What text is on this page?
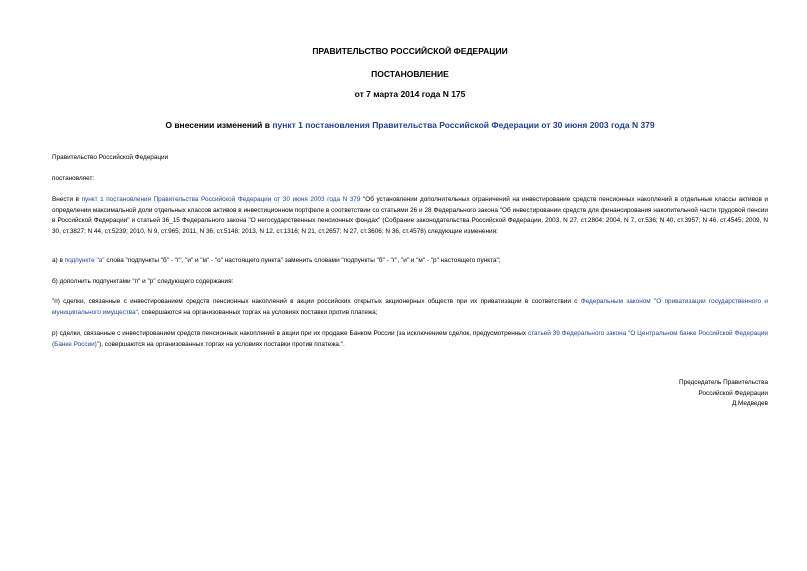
ПРАВИТЕЛЬСТВО РОССИЙСКОЙ ФЕДЕРАЦИИ

ПОСТАНОВЛЕНИЕ

от 7 марта 2014 года N 175

О внесении изменений в пункт 1 постановления Правительства Российской Федерации от 30 июня 2003 года N 379

Правительство Российской Федерации

постановляет:

Внести в пункт 1 постановления Правительства Российской Федерации от 30 июня 2003 года N 379 "Об установлении дополнительных ограничений на инвестирование средств пенсионных накоплений в отдельные классы активов и определении максимальной доли отдельных классов активов в инвестиционном портфеле в соответствии со статьями 26 и 28 Федерального закона "Об инвестировании средств для финансирования накопительной части трудовой пенсии в Российской Федерации" и статьей 36_15 Федерального закона "О негосударственных пенсионных фондах" (Собрание законодательства Российской Федерации, 2003, N 27, ст.2804; 2004, N 7, ст.536; N 40, ст.3957; N 46, ст.4545; 2009, N 30, ст.3827; N 44, ст.5239; 2010, N 9, ст.965; 2011, N 36, ст.5148; 2013, N 12, ст.1316; N 21, ст.2657; N 27, ст.3606; N 36, ст.4578) следующие изменения:

а) в подпункте "а" слова "подпункты "б" - "г", "и" и "м" - "о" настоящего пункта" заменить словами "подпункты "б" - "г", "и" и "м" - "р" настоящего пункта";

б) дополнить подпунктами "п" и "р" следующего содержания:

"п) сделки, связанные с инвестированием средств пенсионных накоплений в акции российских открытых акционерных обществ при их приватизации в соответствии с Федеральным законом "О приватизации государственного и муниципального имущества", совершаются на организованных торгах на условиях поставки против платежа;

р) сделки, связанные с инвестированием средств пенсионных накоплений в акции при их продаже Банком России (за исключением сделок, предусмотренных статьей 39 Федерального закона "О Центральном банке Российской Федерации (Банке России)"), совершаются на организованных торгах на условиях поставки против платежа.".

Председатель Правительства
Российской Федерации
Д.Медведев
